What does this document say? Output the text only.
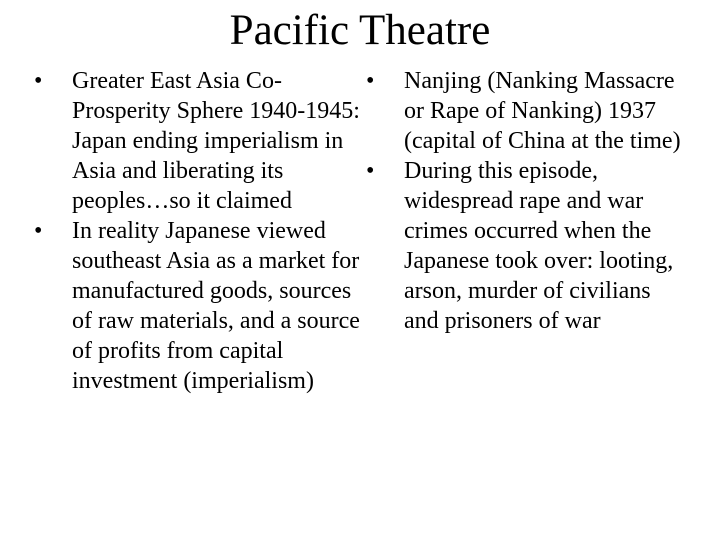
Pacific Theatre
•	Greater East Asia Co-Prosperity Sphere 1940-1945: Japan ending imperialism in Asia and liberating its peoples…so it claimed
•	In reality Japanese viewed southeast Asia as a market for manufactured goods, sources of raw materials, and a source of profits from capital investment (imperialism)
•	Nanjing (Nanking Massacre or Rape of Nanking) 1937 (capital of China at the time)
•	During this episode, widespread rape and war crimes occurred when the Japanese took over: looting, arson, murder of civilians and prisoners of war
